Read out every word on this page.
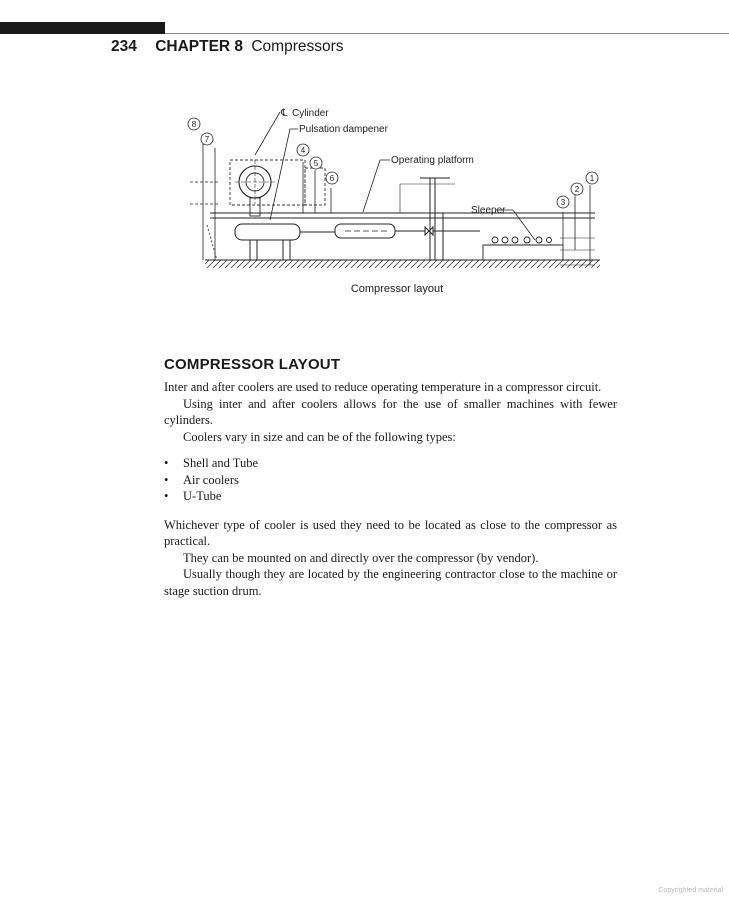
234 CHAPTER 8 Compressors
1
2
3
4
5
6
7
8
℄ Cylinder
Pulsation dampener
Operating platform
Sleeper
Compressor layout
COMPRESSOR LAYOUT

Inter and after coolers are used to reduce operating temperature in a compressor circuit.

Using inter and after coolers allows for the use of smaller machines with fewer cylinders.

Coolers vary in size and can be of the following types:

• Shell and Tube
• Air coolers
• U-Tube

Whichever type of cooler is used they need to be located as close to the compressor as practical.

They can be mounted on and directly over the compressor (by vendor).

Usually though they are located by the engineering contractor close to the machine or stage suction drum.

Copyrighted material
